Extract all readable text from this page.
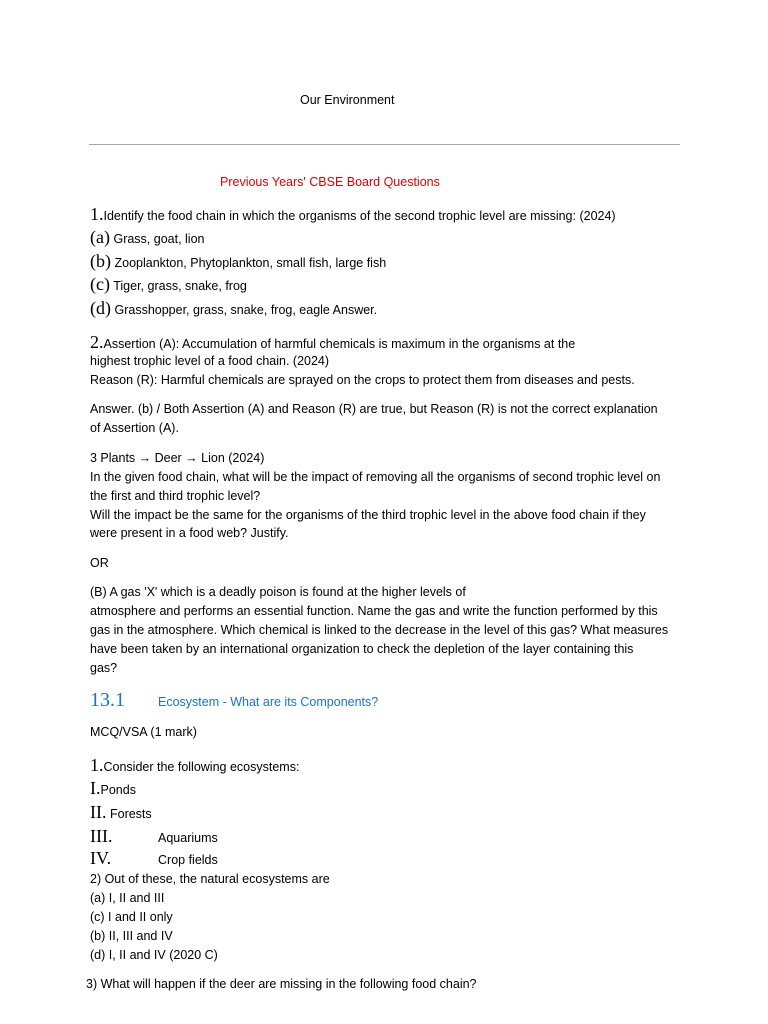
Our Environment
Previous Years' CBSE Board Questions
1.Identify the food chain in which the organisms of the second trophic level are missing: (2024)
(a) Grass, goat, lion
(b) Zooplankton, Phytoplankton, small fish, large fish
(c) Tiger, grass, snake, frog
(d) Grasshopper, grass, snake, frog, eagle Answer.
2.Assertion (A): Accumulation of harmful chemicals is maximum in the organisms at the
highest trophic level of a food chain. (2024)
Reason (R): Harmful chemicals are sprayed on the crops to protect them from diseases and pests.
Answer. (b) / Both Assertion (A) and Reason (R) are true, but Reason (R) is not the correct explanation
of Assertion (A).
3 Plants → Deer → Lion (2024)
In the given food chain, what will be the impact of removing all the organisms of second trophic level on
the first and third trophic level?
Will the impact be the same for the organisms of the third trophic level in the above food chain if they
were present in a food web? Justify.
OR
(B) A gas 'X' which is a deadly poison is found at the higher levels of
atmosphere and performs an essential function. Name the gas and write the function performed by this
gas in the atmosphere. Which chemical is linked to the decrease in the level of this gas? What measures
have been taken by an international organization to check the depletion of the layer containing this
gas?
13.1	Ecosystem - What are its Components?
MCQ/VSA (1 mark)
1.Consider the following ecosystems:
I.Ponds
II. Forests
III.	Aquariums
IV.	Crop fields
2) Out of these, the natural ecosystems are
(a) I, II and III
(c) I and II only
(b) II, III and IV
(d) I, II and IV (2020 C)
3) What will happen if the deer are missing in the following food chain?
